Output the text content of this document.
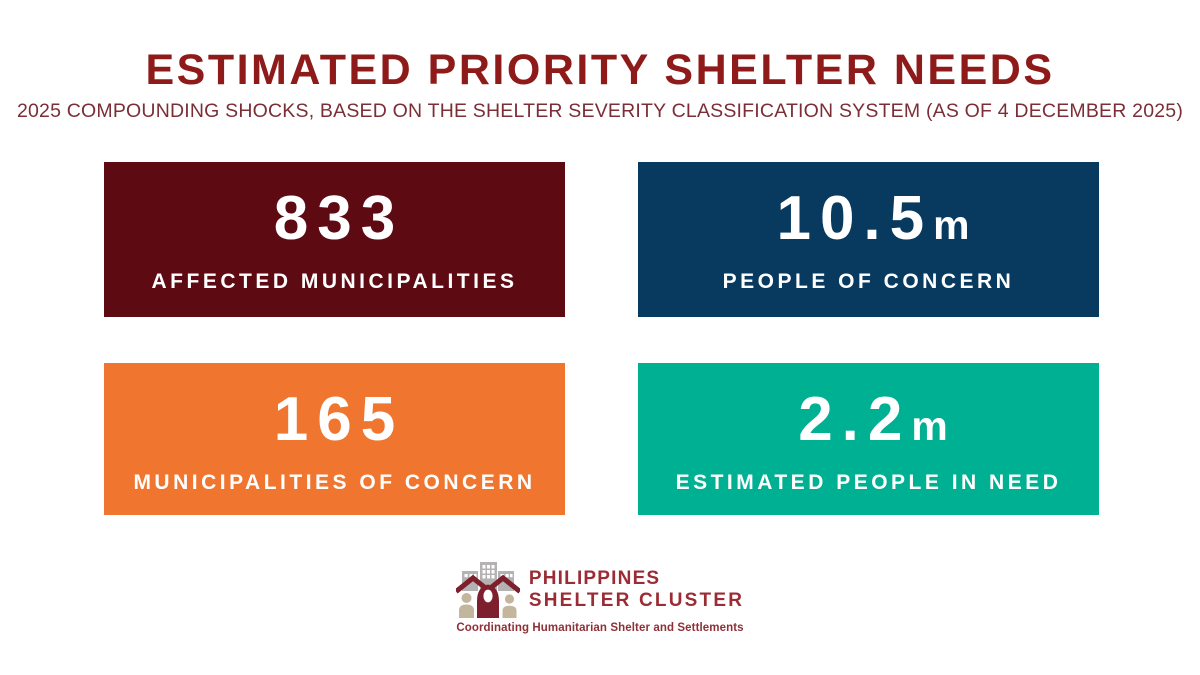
ESTIMATED PRIORITY SHELTER NEEDS
2025 COMPOUNDING SHOCKS, BASED ON THE SHELTER SEVERITY CLASSIFICATION SYSTEM (AS OF 4 DECEMBER 2025)
833
AFFECTED MUNICIPALITIES
10.5m
PEOPLE OF CONCERN
165
MUNICIPALITIES OF CONCERN
2.2m
ESTIMATED PEOPLE IN NEED
PHILIPPINES
SHELTER CLUSTER
Coordinating Humanitarian Shelter and Settlements
